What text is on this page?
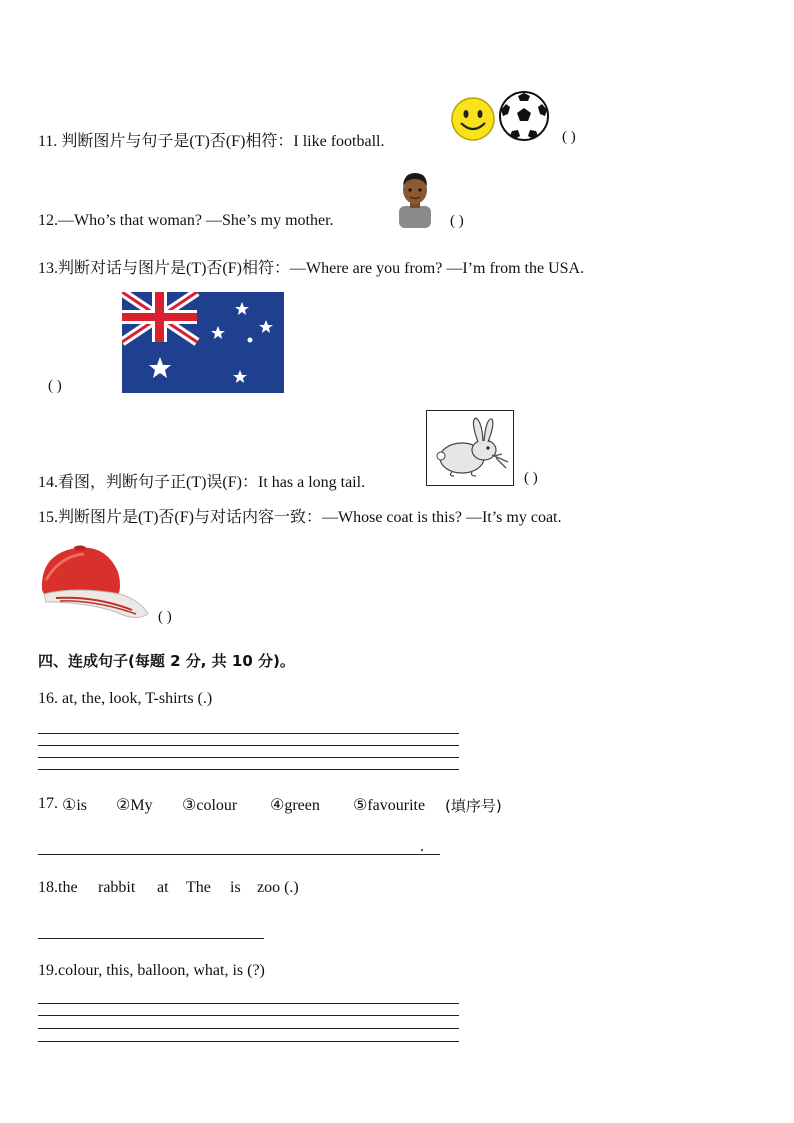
11. 判断图片与句子是(T)否(F)相符：I like football.	( )
12.—Who’s that woman? —She’s my mother.	( )
13.判断对话与图片是(T)否(F)相符：—Where are you from? —I’m from the USA.
( )
14.看图，判断句子正(T)误(F)：It has a long tail.	( )
15.判断图片是(T)否(F)与对话内容一致：—Whose coat is this? —It’s my coat.
( )
四、连成句子(每题 2 分, 共 10 分)。
16. at, the, look, T-shirts (.)
17. ①is ②My ③colour ④green ⑤favourite (填序号)
.
18.the rabbit at The is zoo (.)
19.colour, this, balloon, what, is (?)
